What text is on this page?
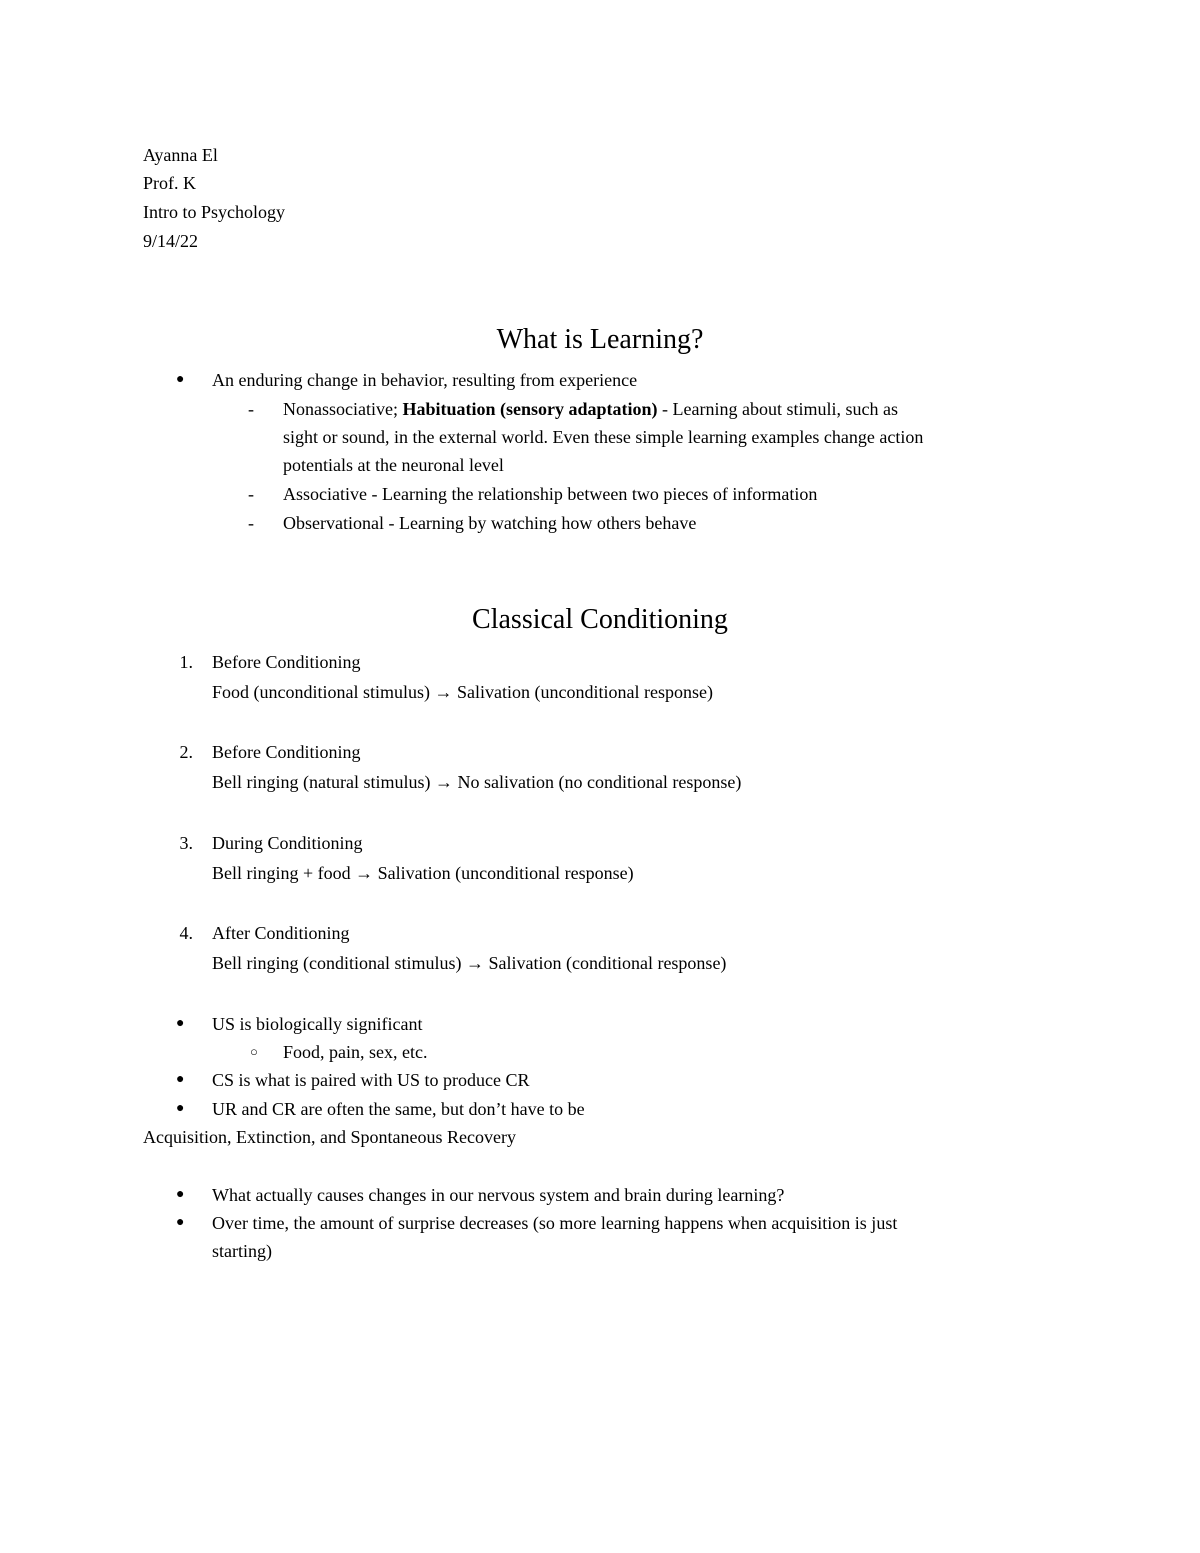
Ayanna El
Prof. K
Intro to Psychology
9/14/22
What is Learning?
● An enduring change in behavior, resulting from experience
- Nonassociative; Habituation (sensory adaptation) - Learning about stimuli, such as
sight or sound, in the external world. Even these simple learning examples change action
potentials at the neuronal level
- Associative - Learning the relationship between two pieces of information
- Observational - Learning by watching how others behave
Classical Conditioning
1. Before Conditioning
Food (unconditional stimulus) → Salivation (unconditional response)
2. Before Conditioning
Bell ringing (natural stimulus) → No salivation (no conditional response)
3. During Conditioning
Bell ringing + food → Salivation (unconditional response)
4. After Conditioning
Bell ringing (conditional stimulus) → Salivation (conditional response)
● US is biologically significant
○ Food, pain, sex, etc.
● CS is what is paired with US to produce CR
● UR and CR are often the same, but don’t have to be
Acquisition, Extinction, and Spontaneous Recovery
● What actually causes changes in our nervous system and brain during learning?
● Over time, the amount of surprise decreases (so more learning happens when acquisition is just
starting)
